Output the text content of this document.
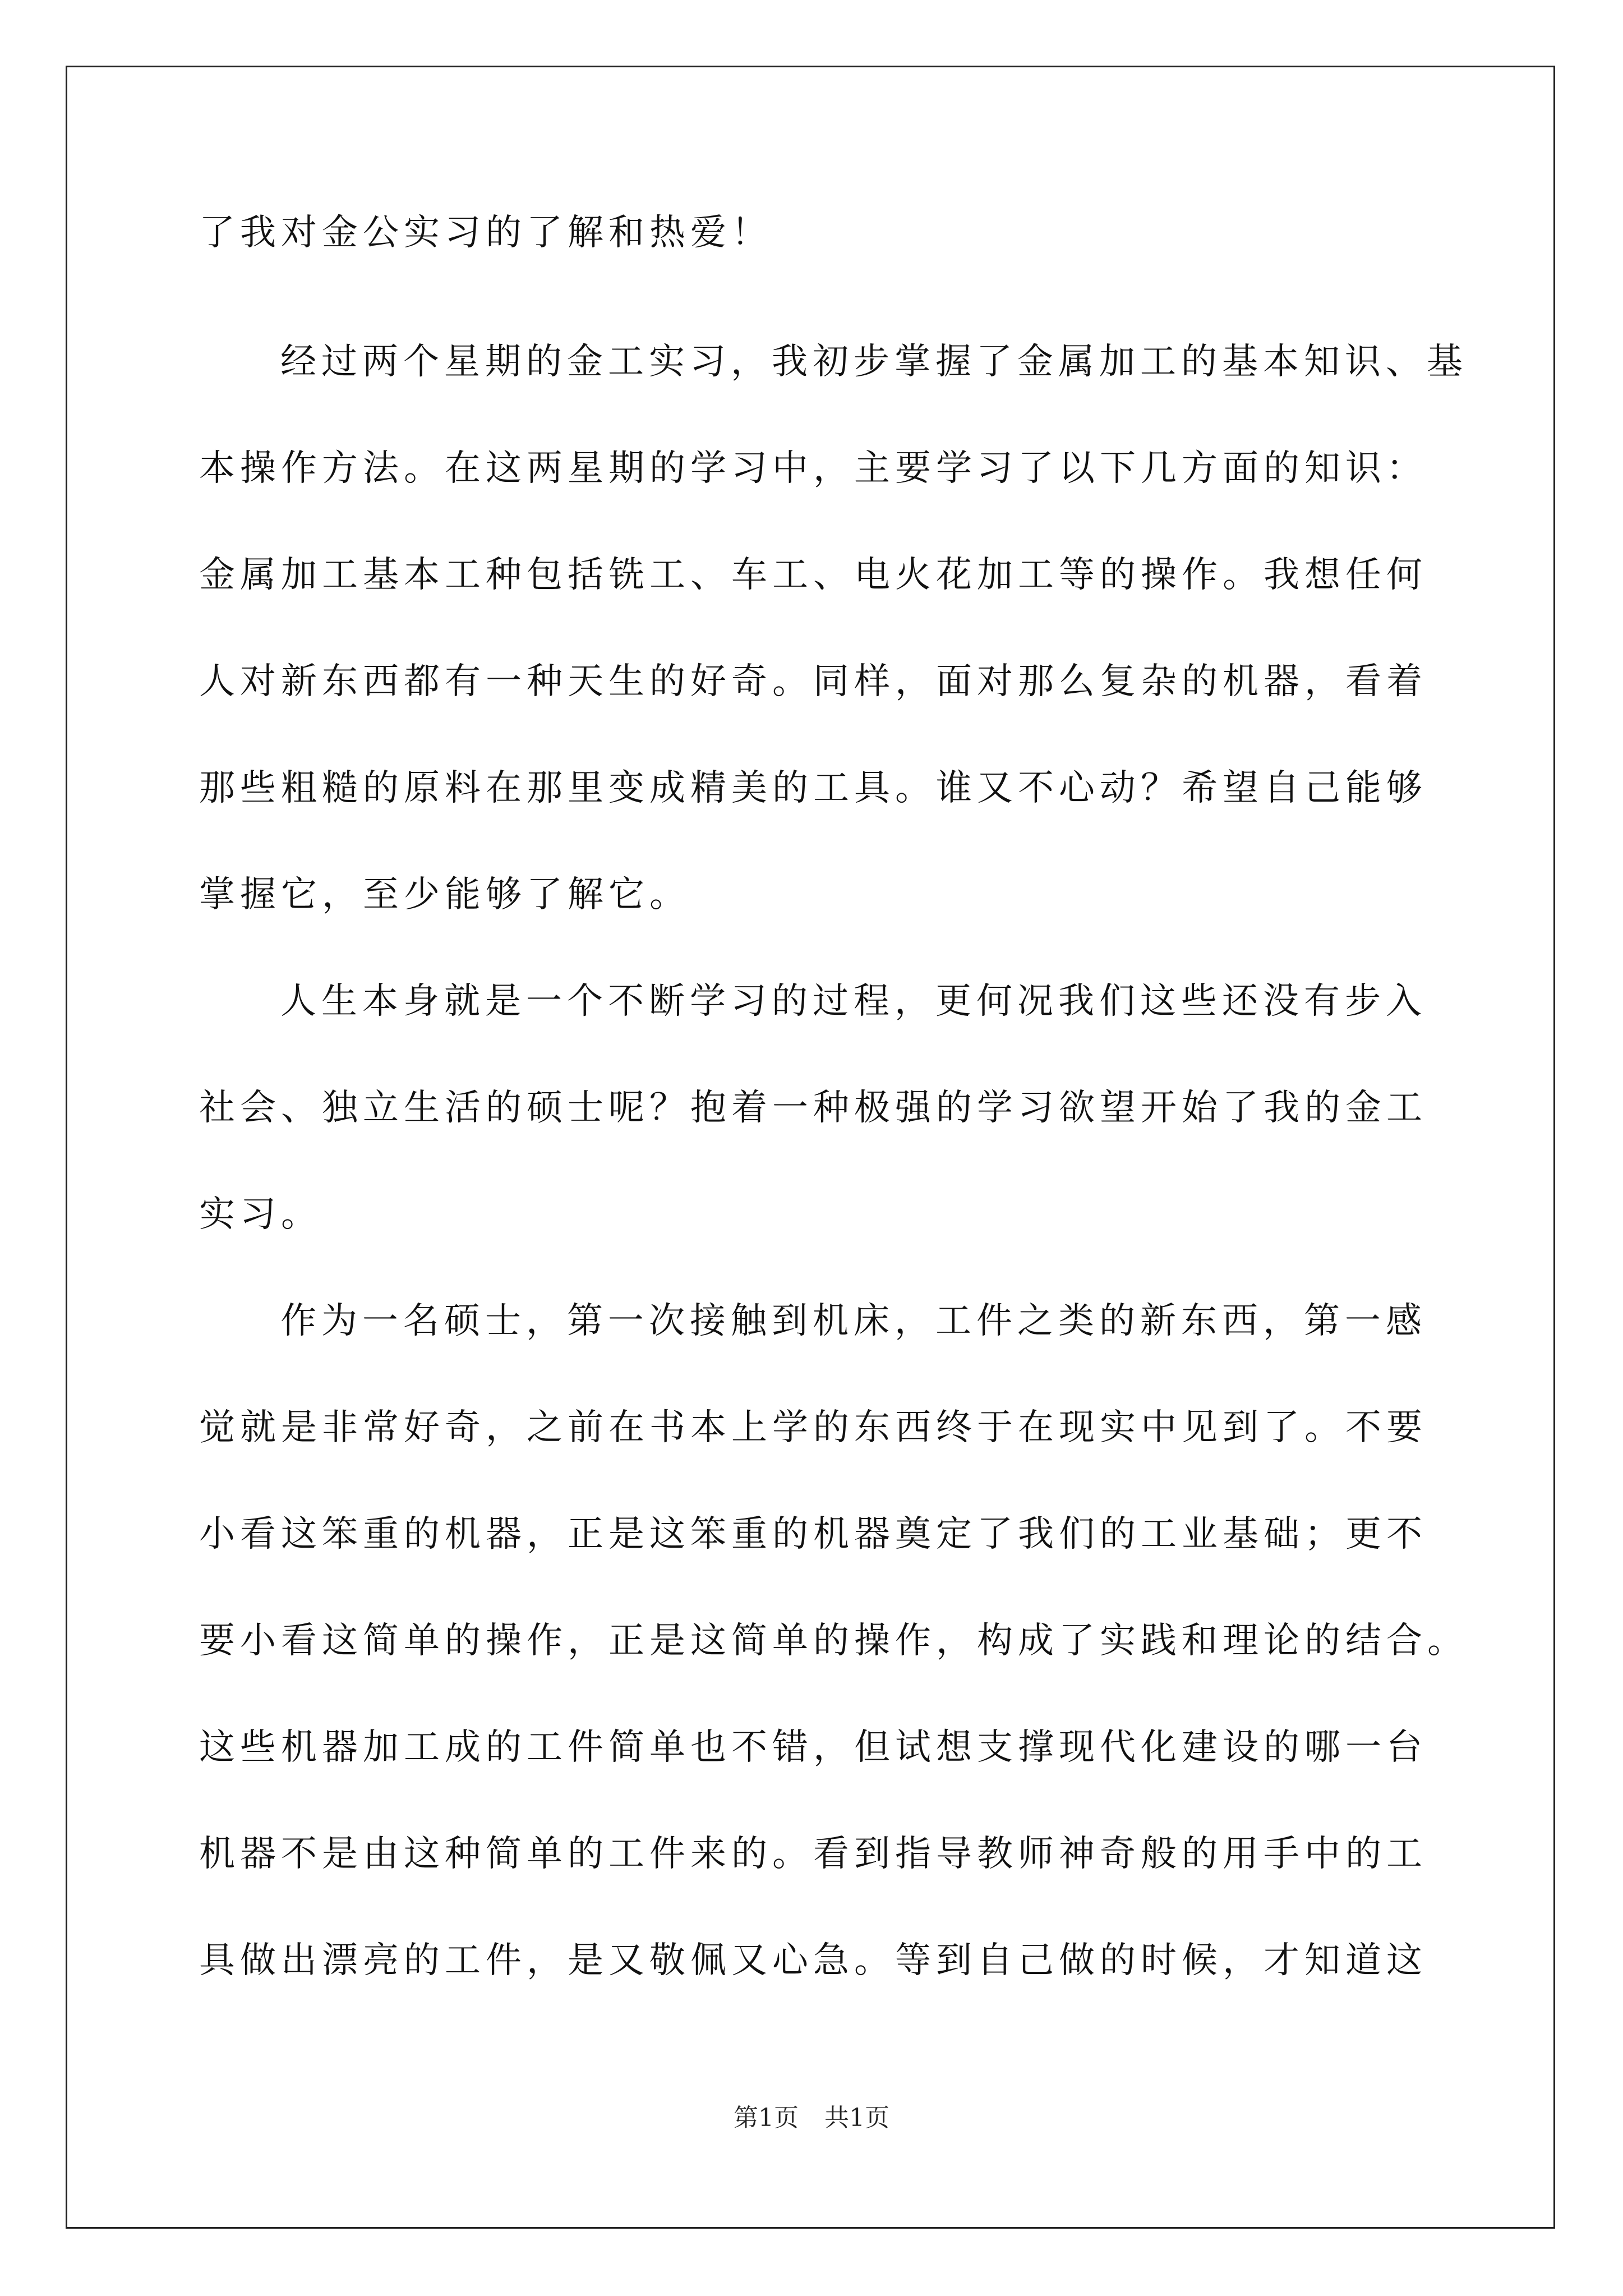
了我对金公实习的了解和热爱！
经过两个星期的金工实习，我初步掌握了金属加工的基本知识、基
本操作方法。在这两星期的学习中，主要学习了以下几方面的知识：
金属加工基本工种包括铣工、车工、电火花加工等的操作。我想任何
人对新东西都有一种天生的好奇。同样，面对那么复杂的机器，看着
那些粗糙的原料在那里变成精美的工具。谁又不心动？希望自己能够
掌握它，至少能够了解它。
人生本身就是一个不断学习的过程，更何况我们这些还没有步入
社会、独立生活的硕士呢？抱着一种极强的学习欲望开始了我的金工
实习。
作为一名硕士，第一次接触到机床，工件之类的新东西，第一感
觉就是非常好奇，之前在书本上学的东西终于在现实中见到了。不要
小看这笨重的机器，正是这笨重的机器奠定了我们的工业基础；更不
要小看这简单的操作，正是这简单的操作，构成了实践和理论的结合。
这些机器加工成的工件简单也不错，但试想支撑现代化建设的哪一台
机器不是由这种简单的工件来的。看到指导教师神奇般的用手中的工
具做出漂亮的工件，是又敬佩又心急。等到自己做的时候，才知道这
第1页 共1页
